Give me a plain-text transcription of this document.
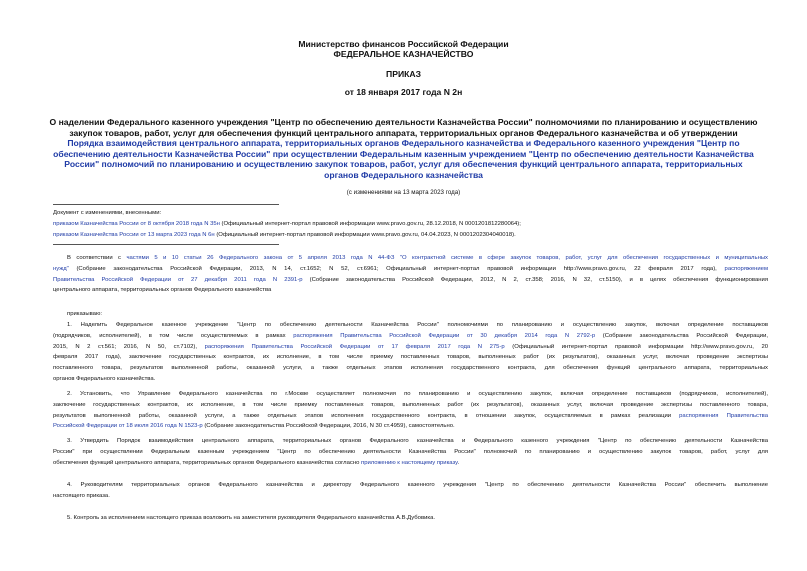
Министерство финансов Российской Федерации
ФЕДЕРАЛЬНОЕ КАЗНАЧЕЙСТВО
ПРИКАЗ
от 18 января 2017 года N 2н
О наделении Федерального казенного учреждения "Центр по обеспечению деятельности Казначейства России" полномочиями по планированию и осуществлению
закупок товаров, работ, услуг для обеспечения функций центрального аппарата, территориальных органов Федерального казначейства и об утверждении
Порядка взаимодействия центрального аппарата, территориальных органов Федерального казначейства и Федерального казенного учреждения "Центр по
обеспечению деятельности Казначейства России" при осуществлении Федеральным казенным учреждением "Центр по обеспечению деятельности Казначейства
России" полномочий по планированию и осуществлению закупок товаров, работ, услуг для обеспечения функций центрального аппарата, территориальных
органов Федерального казначейства
(с изменениями на 13 марта 2023 года)
Документ с изменениями, внесенными:
приказом Казначейства России от 8 октября 2018 года N 35н (Официальный интернет-портал правовой информации www.pravo.gov.ru, 28.12.2018, N 0001201812280064);
приказом Казначейства России от 13 марта 2023 года N 6н (Официальный интернет-портал правовой информации www.pravo.gov.ru, 04.04.2023, N 0001202304040018).
В соответствии с частями 5 и 10 статьи 26 Федерального закона от 5 апреля 2013 года N 44-ФЗ "О контрактной системе в сфере закупок товаров, работ, услуг для обеспечения государственных и муниципальных
нужд" (Собрание законодательства Российской Федерации, 2013, N 14, ст.1652; N 52, ст.6961; Официальный интернет-портал правовой информации http://www.pravo.gov.ru, 22 февраля 2017 года), распоряжением
Правительства Российской Федерации от 27 декабря 2011 года N 2391-р (Собрание законодательства Российской Федерации, 2012, N 2, ст.358; 2016, N 32, ст.5150), и в целях обеспечения функционирования
центрального аппарата, территориальных органов Федерального казначейства
приказываю:
1. Наделить Федеральное казенное учреждение "Центр по обеспечению деятельности Казначейства России" полномочиями по планированию и осуществлению закупок, включая определение поставщиков
(подрядчиков, исполнителей), в том числе осуществляемых в рамках распоряжения Правительства Российской Федерации от 30 декабря 2014 года N 2792-р (Собрание законодательства Российской Федерации,
2015, N 2 ст.561; 2016, N 50, ст.7102), распоряжения Правительства Российской Федерации от 17 февраля 2017 года N 275-р (Официальный интернет-портал правовой информации http://www.pravo.gov.ru, 20
февраля 2017 года), заключение государственных контрактов, их исполнение, в том числе приемку поставленных товаров, выполненных работ (их результатов), оказанных услуг, включая проведение экспертизы
поставленного товара, результатов выполненной работы, оказанной услуги, а также отдельных этапов исполнения государственного контракта, для обеспечения функций центрального аппарата, территориальных
органов Федерального казначейства.
2. Установить, что Управление Федерального казначейства по г.Москве осуществляет полномочия по планированию и осуществлению закупок, включая определение поставщиков (подрядчиков, исполнителей),
заключение государственных контрактов, их исполнение, в том числе приемку поставленных товаров, выполненных работ (их результатов), оказанных услуг, включая проведение экспертизы поставленного товара,
результатов выполненной работы, оказанной услуги, а также отдельных этапов исполнения государственного контракта, в отношении закупок, осуществляемых в рамках реализации распоряжения Правительства
Российской Федерации от 18 июля 2016 года N 1523-р (Собрание законодательства Российской Федерации, 2016, N 30 ст.4959), самостоятельно.
3. Утвердить Порядок взаимодействия центрального аппарата, территориальных органов Федерального казначейства и Федерального казенного учреждения "Центр по обеспечению деятельности Казначейства
России" при осуществлении Федеральным казенным учреждением "Центр по обеспечению деятельности Казначейства России" полномочий по планированию и осуществлению закупок товаров, работ, услуг для
обеспечения функций центрального аппарата, территориальных органов Федерального казначейства согласно приложению к настоящему приказу.
4. Руководителям территориальных органов Федерального казначейства и директору Федерального казенного учреждения "Центр по обеспечению деятельности Казначейства России" обеспечить выполнение
настоящего приказа.
5. Контроль за исполнением настоящего приказа возложить на заместителя руководителя Федерального казначейства А.В.Дубовика.
